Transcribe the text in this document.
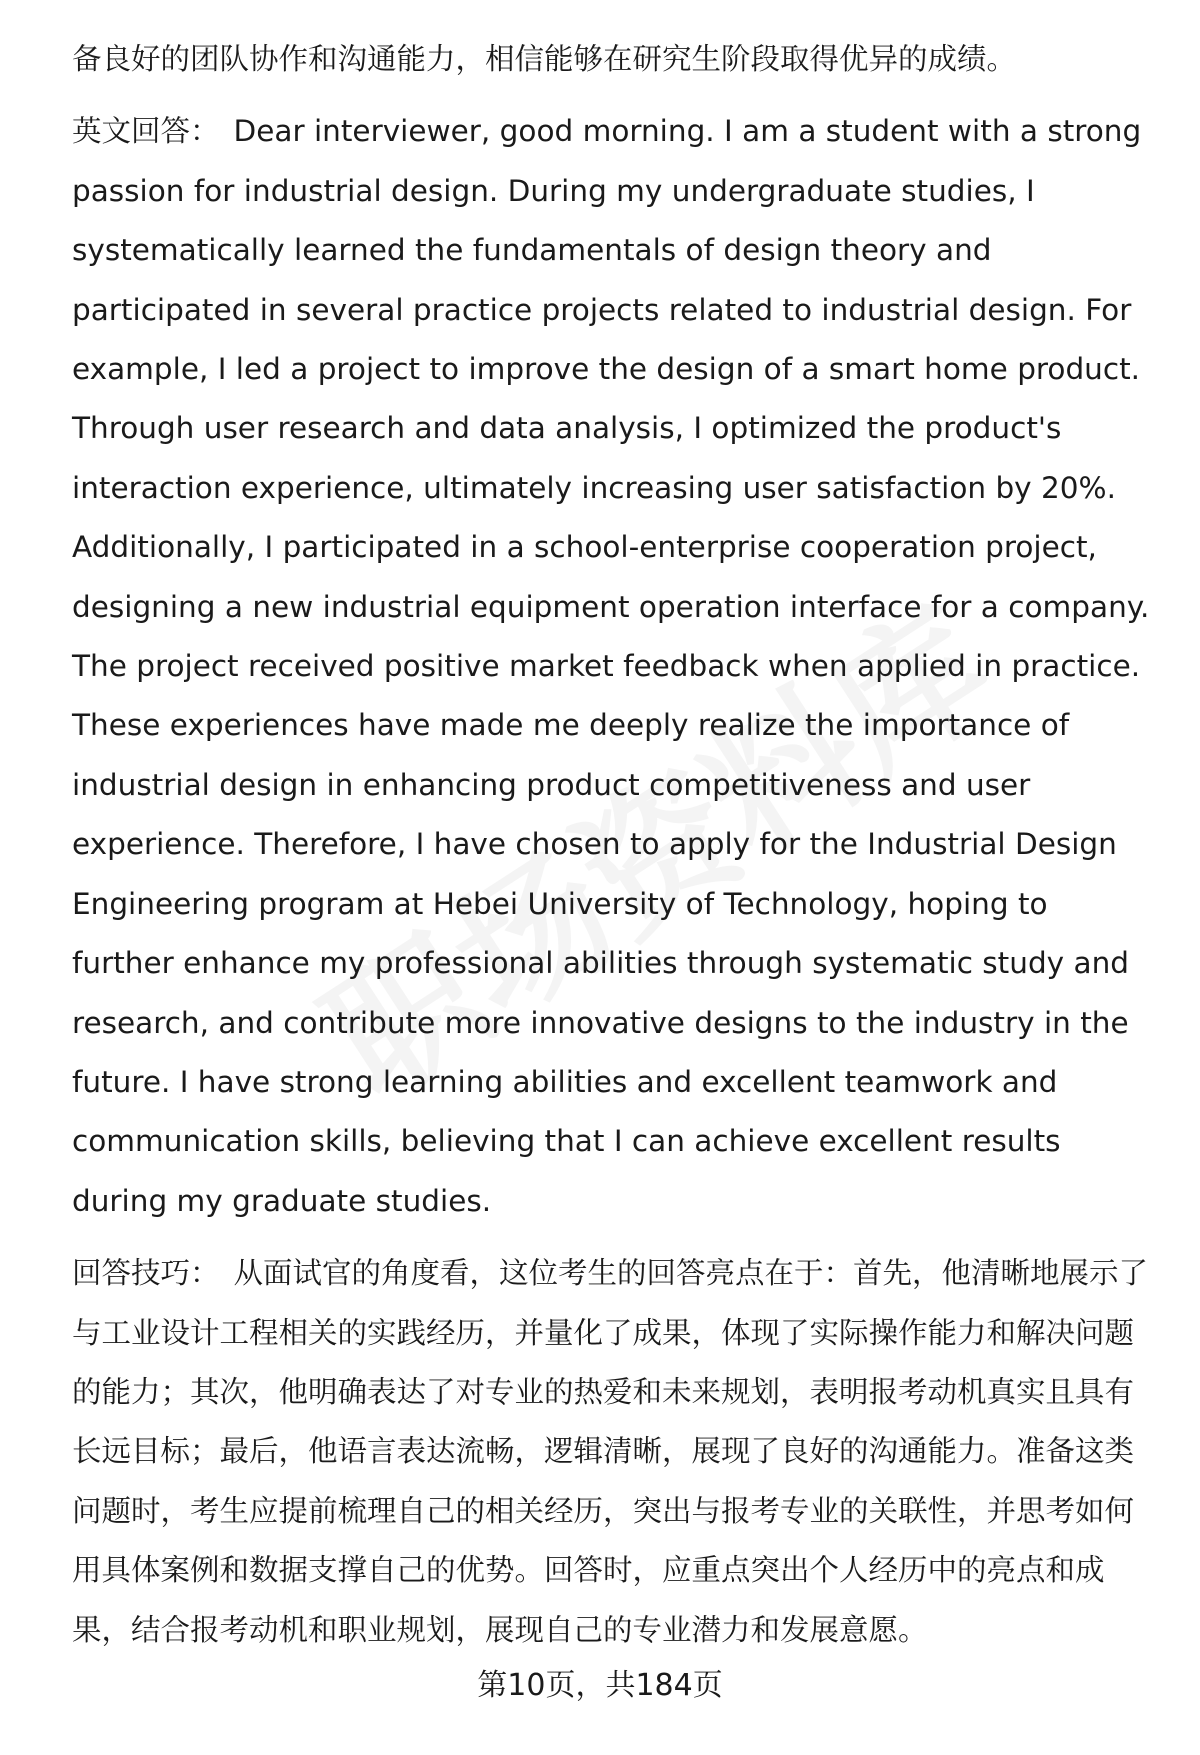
备良好的团队协作和沟通能力，相信能够在研究生阶段取得优异的成绩。

英文回答： Dear interviewer, good morning. I am a student with a strong passion for industrial design. During my undergraduate studies, I systematically learned the fundamentals of design theory and participated in several practice projects related to industrial design. For example, I led a project to improve the design of a smart home product. Through user research and data analysis, I optimized the product's interaction experience, ultimately increasing user satisfaction by 20%. Additionally, I participated in a school-enterprise cooperation project, designing a new industrial equipment operation interface for a company. The project received positive market feedback when applied in practice. These experiences have made me deeply realize the importance of industrial design in enhancing product competitiveness and user experience. Therefore, I have chosen to apply for the Industrial Design Engineering program at Hebei University of Technology, hoping to further enhance my professional abilities through systematic study and research, and contribute more innovative designs to the industry in the future. I have strong learning abilities and excellent teamwork and communication skills, believing that I can achieve excellent results during my graduate studies.

回答技巧： 从面试官的角度看，这位考生的回答亮点在于：首先，他清晰地展示了与工业设计工程相关的实践经历，并量化了成果，体现了实际操作能力和解决问题的能力；其次，他明确表达了对专业的热爱和未来规划，表明报考动机真实且具有长远目标；最后，他语言表达流畅，逻辑清晰，展现了良好的沟通能力。准备这类问题时，考生应提前梳理自己的相关经历，突出与报考专业的关联性，并思考如何用具体案例和数据支撑自己的优势。回答时，应重点突出个人经历中的亮点和成果，结合报考动机和职业规划，展现自己的专业潜力和发展意愿。

第10页，共184页
